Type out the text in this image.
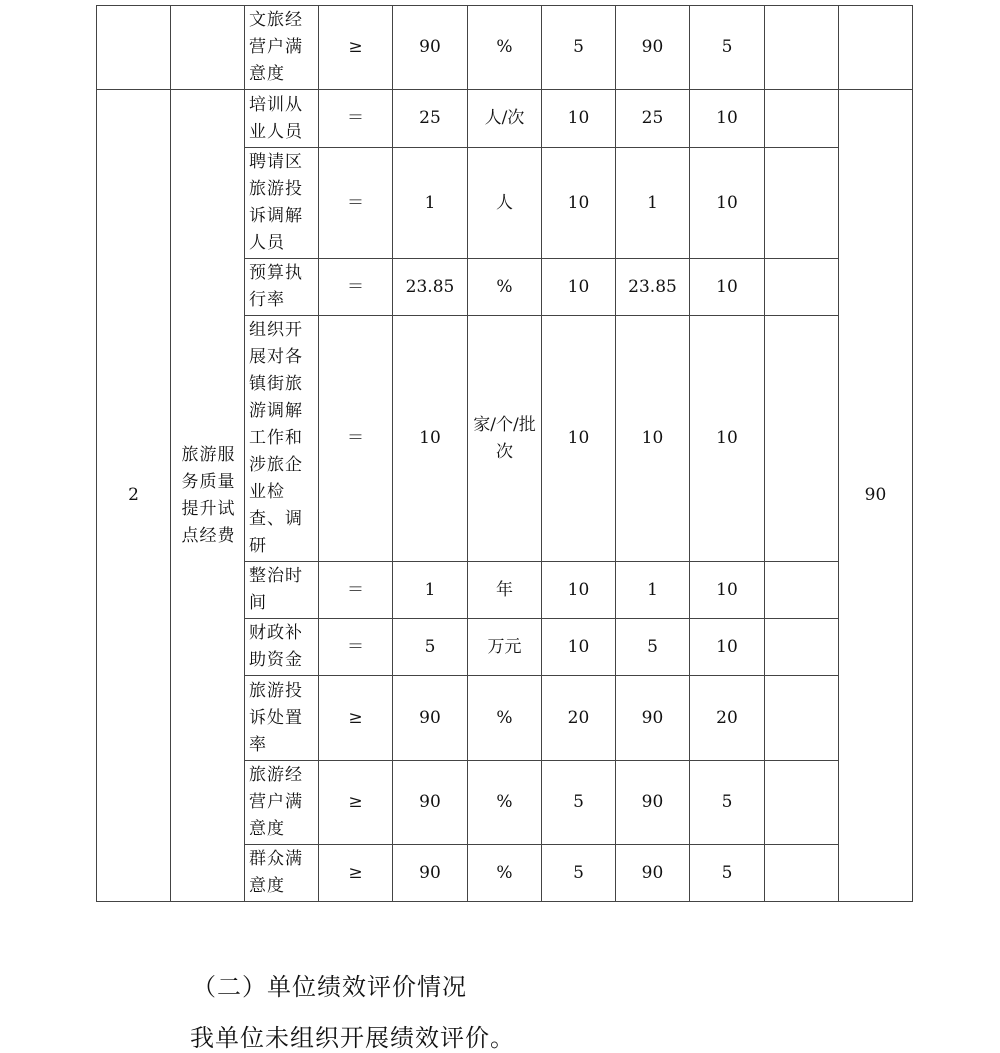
		文旅经营户满意度	≥	90	%	5	90	5		
2	旅游服务质量提升试点经费	培训从业人员	＝	25	人/次	10	25	10		90

		聘请区旅游投诉调解人员	＝	1	人	10	1	10		

		预算执行率	＝	23.85	%	10	23.85	10		

		组织开展对各镇街旅游调解工作和涉旅企业检查、调研	＝	10	家/个/批次	10	10	10		

		整治时间	＝	1	年	10	1	10		

		财政补助资金	＝	5	万元	10	5	10		

		旅游投诉处置率	≥	90	%	20	90	20		

		旅游经营户满意度	≥	90	%	5	90	5		

		群众满意度	≥	90	%	5	90	5		
（二）单位绩效评价情况
我单位未组织开展绩效评价。
